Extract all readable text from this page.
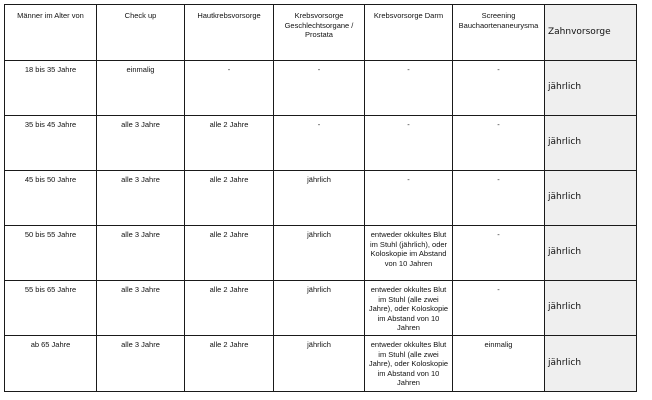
Männer im Alter von	Check up	Hautkrebsvorsorge	Krebsvorsorge Geschlechtsorgane / Prostata	Krebsvorsorge Darm	Screening Bauchaortenaneurysma	Zahnvorsorge

18 bis 35 Jahre	einmalig	-	-	-	-	jährlich

35 bis 45 Jahre	alle 3 Jahre	alle 2 Jahre	-	-	-	jährlich

45 bis 50 Jahre	alle 3 Jahre	alle 2 Jahre	jährlich	-	-	jährlich

50 bis 55 Jahre	alle 3 Jahre	alle 2 Jahre	jährlich	entweder okkultes Blut im Stuhl (jährlich), oder Koloskopie im Abstand von 10 Jahren	-	jährlich

55 bis 65 Jahre	alle 3 Jahre	alle 2 Jahre	jährlich	entweder okkultes Blut im Stuhl (alle zwei Jahre), oder Koloskopie im Abstand von 10 Jahren	-	jährlich

ab 65 Jahre	alle 3 Jahre	alle 2 Jahre	jährlich	entweder okkultes Blut im Stuhl (alle zwei Jahre), oder Koloskopie im Abstand von 10 Jahren	einmalig	jährlich
